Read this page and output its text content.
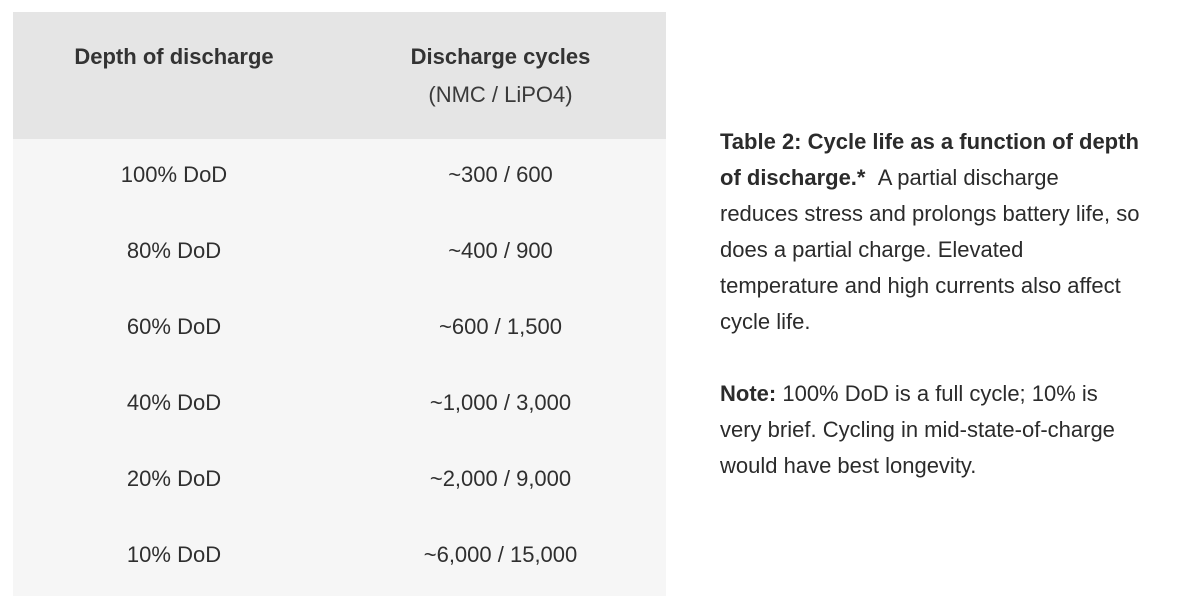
Depth of discharge	Discharge cycles
(NMC / LiPO4)
100% DoD	~300 / 600
80% DoD	~400 / 900
60% DoD	~600 / 1,500
40% DoD	~1,000 / 3,000
20% DoD	~2,000 / 9,000
10% DoD	~6,000 / 15,000

Table 2: Cycle life as a function of depth of discharge.* A partial discharge reduces stress and prolongs battery life, so does a partial charge. Elevated temperature and high currents also affect cycle life.

Note: 100% DoD is a full cycle; 10% is very brief. Cycling in mid-state-of-charge would have best longevity.
